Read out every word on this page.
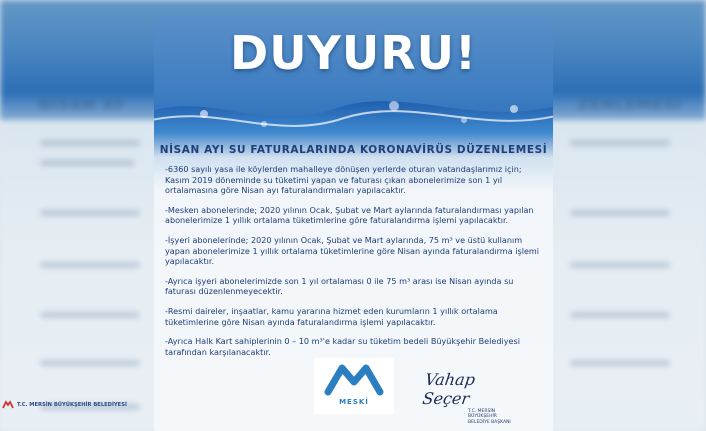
NİSAN AY	ZENLEMESİ
DUYURU!
NİSAN AYI SU FATURALARINDA KORONAVİRÜS DÜZENLEMESİ

-6360 sayılı yasa ile köylerden mahalleye dönüşen yerlerde oturan vatandaşlarımız için; Kasım 2019 döneminde su tüketimi yapan ve faturası çıkan abonelerimize son 1 yıl ortalamasına göre Nisan ayı faturalandırmaları yapılacaktır.

-Mesken abonelerinde; 2020 yılının Ocak, Şubat ve Mart aylarında faturalandırması yapılan abonelerimize 1 yıllık ortalama tüketimlerine göre faturalandırma işlemi yapılacaktır.

-İşyeri abonelerinde; 2020 yılının Ocak, Şubat ve Mart aylarında, 75 m³ ve üstü kullanım yapan abonelerimize 1 yıllık ortalama tüketimlerine göre Nisan ayında faturalandırma işlemi yapılacaktır.

-Ayrıca işyeri abonelerimizde son 1 yıl ortalaması 0 ile 75 m³ arası ise Nisan ayında su faturası düzenlenmeyecektir.

-Resmi daireler, inşaatlar, kamu yararına hizmet eden kurumların 1 yıllık ortalama tüketimlerine göre Nisan ayında faturalandırma işlemi yapılacaktır.

-Ayrıca Halk Kart sahiplerinin 0 – 10 m³'e kadar su tüketim bedeli Büyükşehir Belediyesi tarafından karşılanacaktır.

MESKİ
Vahap Seçer
T.C. MERSİN BÜYÜKŞEHİR
BELEDİYE BAŞKANI
T.C. MERSİN BÜYÜKŞEHİR BELEDİYESİ
